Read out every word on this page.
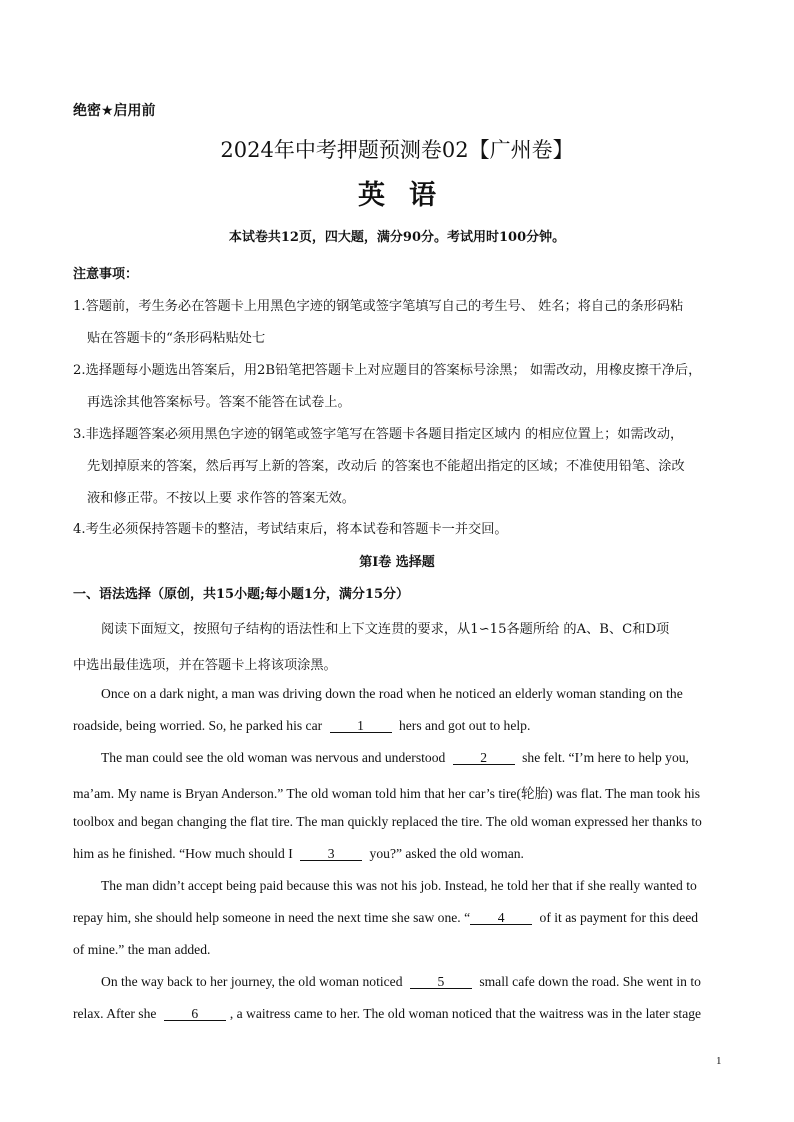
绝密★启用前
2024年中考押题预测卷02【广州卷】
英语
本试卷共12页，四大题，满分90分。考试用时100分钟。
注意事项：
1.答题前，考生务必在答题卡上用黑色字迹的钢笔或签字笔填写自己的考生号、 姓名；将自己的条形码粘
贴在答题卡的“条形码粘贴处七
2.选择题每小题选出答案后，用2B铅笔把答题卡上对应题目的答案标号涂黑； 如需改动，用橡皮擦干净后，
再选涂其他答案标号。答案不能答在试卷上。
3.非选择题答案必须用黑色字迹的钢笔或签字笔写在答题卡各题目指定区域内 的相应位置上；如需改动，
先划掉原来的答案，然后再写上新的答案，改动后 的答案也不能超出指定的区域；不准使用铅笔、涂改
液和修正带。不按以上要 求作答的答案无效。
4.考生必须保持答题卡的整洁，考试结束后，将本试卷和答题卡一并交回。
第Ⅰ卷 选择题
一、语法选择（原创，共15小题;每小题1分，满分15分）
阅读下面短文，按照句子结构的语法性和上下文连贯的要求，从1∽15各题所给 的A、B、C和D项
中选出最佳选项，并在答题卡上将该项涂黑。
Once on a dark night, a man was driving down the road when he noticed an elderly woman standing on the
roadside, being worried. So, he parked his car	1	hers and got out to help.
The man could see the old woman was nervous and understood	2	she felt. “I’m here to help you,
ma’am. My name is Bryan Anderson.” The old woman told him that her car’s tire(轮胎) was flat. The man took his
toolbox and began changing the flat tire. The man quickly replaced the tire. The old woman expressed her thanks to
him as he finished. “How much should I	3	you?” asked the old woman.
The man didn’t accept being paid because this was not his job. Instead, he told her that if she really wanted to
repay him, she should help someone in need the next time she saw one. “ 4	of it as payment for this deed
of mine.” the man added.
On the way back to her journey, the old woman noticed	5	small cafe down the road. She went in to
relax. After she	6 , a waitress came to her. The old woman noticed that the waitress was in the later stage
1
